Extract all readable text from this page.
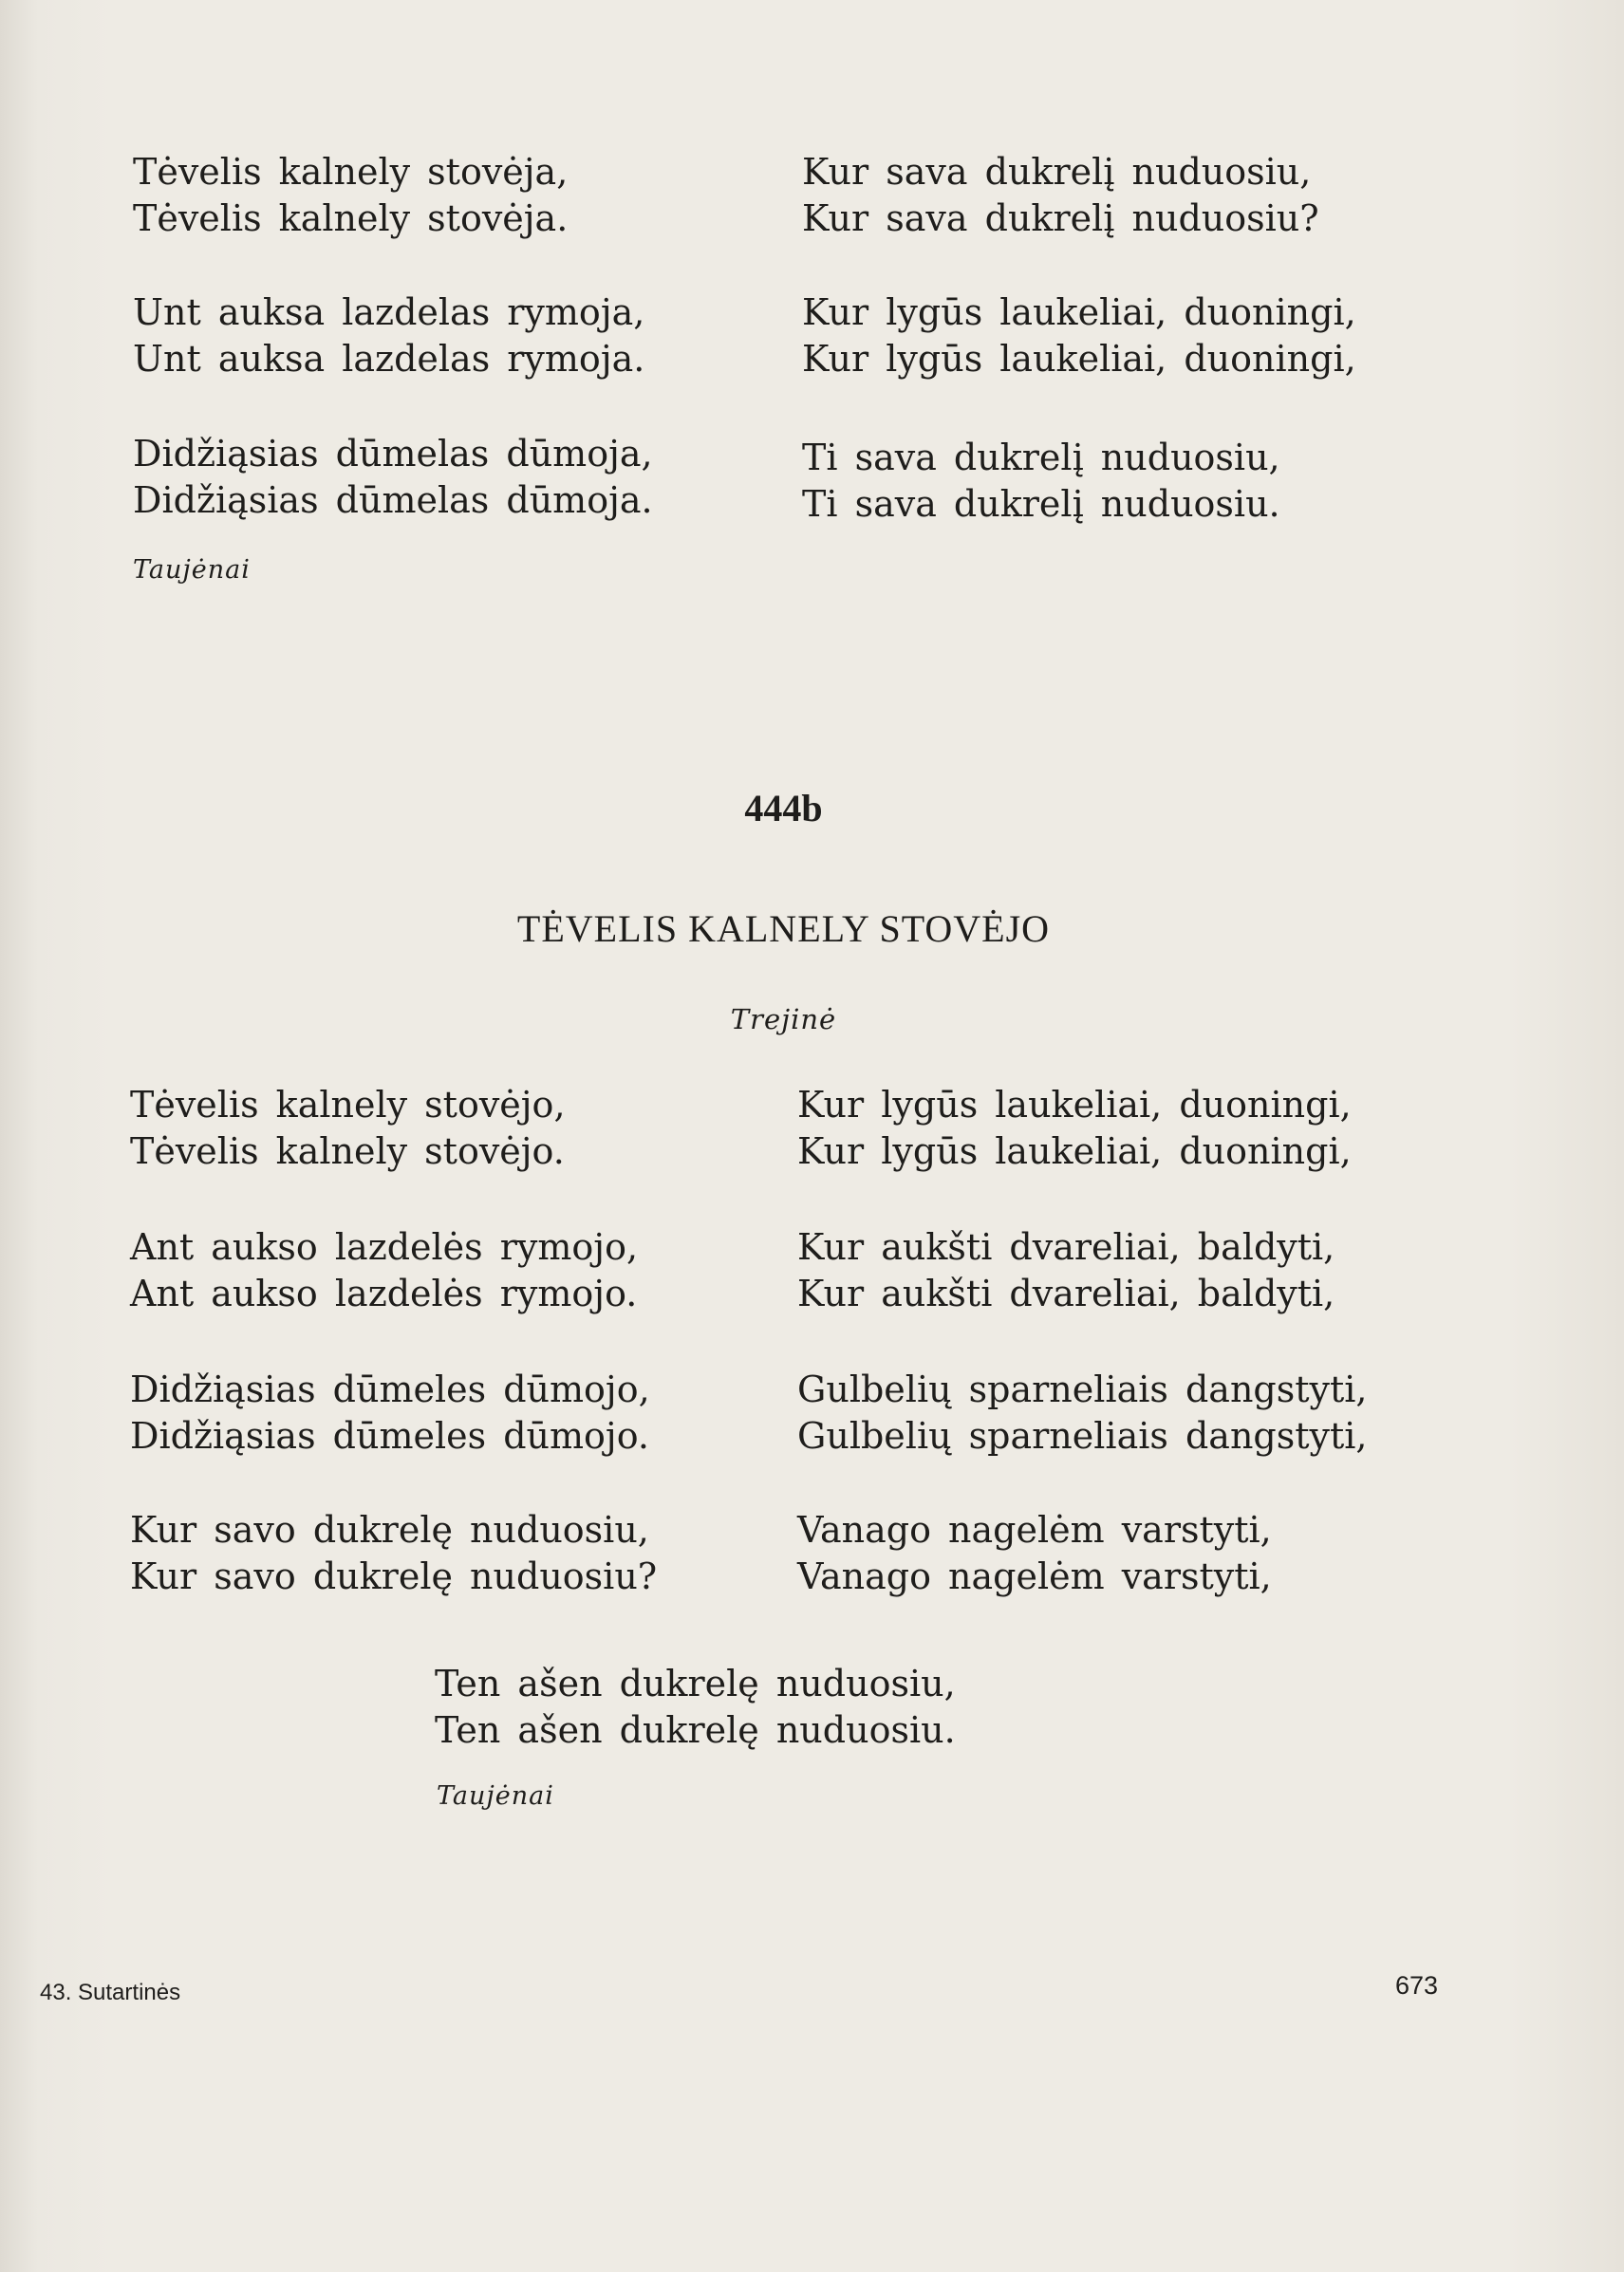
Tėvelis kalnely stovėja,
Tėvelis kalnely stovėja.
Unt auksa lazdelas rymoja,
Unt auksa lazdelas rymoja.
Didžiąsias dūmelas dūmoja,
Didžiąsias dūmelas dūmoja.
Taujėnai
Kur sava dukrelį nuduosiu,
Kur sava dukrelį nuduosiu?
Kur lygūs laukeliai, duoningi,
Kur lygūs laukeliai, duoningi,
Ti sava dukrelį nuduosiu,
Ti sava dukrelį nuduosiu.
444b
TĖVELIS KALNELY STOVĖJO
Trejinė
Tėvelis kalnely stovėjo,
Tėvelis kalnely stovėjo.
Ant aukso lazdelės rymojo,
Ant aukso lazdelės rymojo.
Didžiąsias dūmeles dūmojo,
Didžiąsias dūmeles dūmojo.
Kur savo dukrelę nuduosiu,
Kur savo dukrelę nuduosiu?
Kur lygūs laukeliai, duoningi,
Kur lygūs laukeliai, duoningi,
Kur aukšti dvareliai, baldyti,
Kur aukšti dvareliai, baldyti,
Gulbelių sparneliais dangstyti,
Gulbelių sparneliais dangstyti,
Vanago nagelėm varstyti,
Vanago nagelėm varstyti,
Ten ašen dukrelę nuduosiu,
Ten ašen dukrelę nuduosiu.
Taujėnai
43. Sutartinės	673
